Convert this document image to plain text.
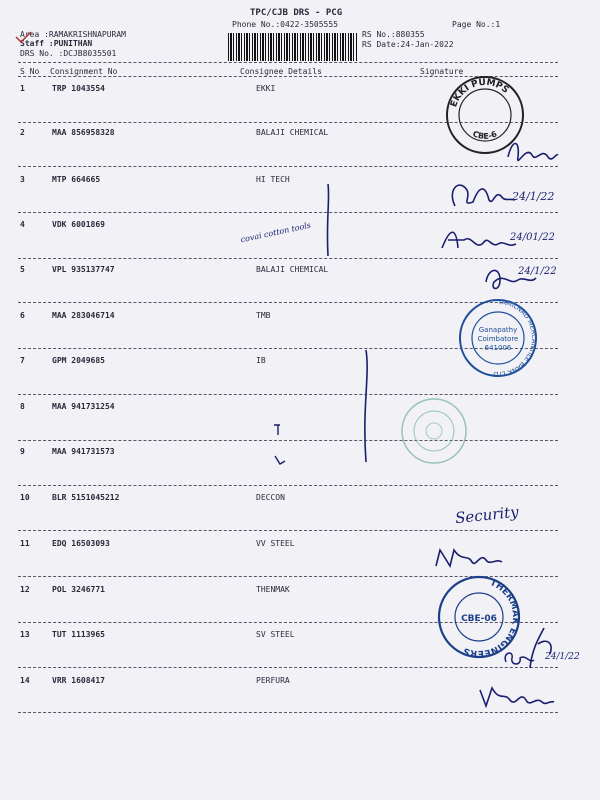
TPC/CJB DRS - PCG
Phone No.:0422-3505555	Page No.:1
Area :RAMAKRISHNAPURAM
Staff :PUNITHAN
DRS No. :DCJB8035501
RS No.:880355
RS Date:24-Jan-2022
S No Consignment No	Consignee Details	Signature
1	TRP 1043554	EKKI
2	MAA 856958328	BALAJI CHEMICAL
3	MTP 664665	HI TECH
4	VDK 6001869
5	VPL 935137747	BALAJI CHEMICAL
6	MAA 283046714	TMB
7	GPM 2049685	IB
8	MAA 941731254
9	MAA 941731573
10	BLR 5151045212	DECCON
11	EDQ 16503093	VV STEEL
12	POL 3246771	THENMAK
13	TUT 1113965	SV STEEL
14	VRR 1608417	PERFURA
EKKI PUMPS
CBE-6
TAMILNAD MERCANTILE BANK LTD
Ganapathy
Coimbatore
641006
THERMAK ENGINEERS
CBE-06
24/1/22
covai cotton tools	24/01/22
24/1/22
Security
24/1/22
